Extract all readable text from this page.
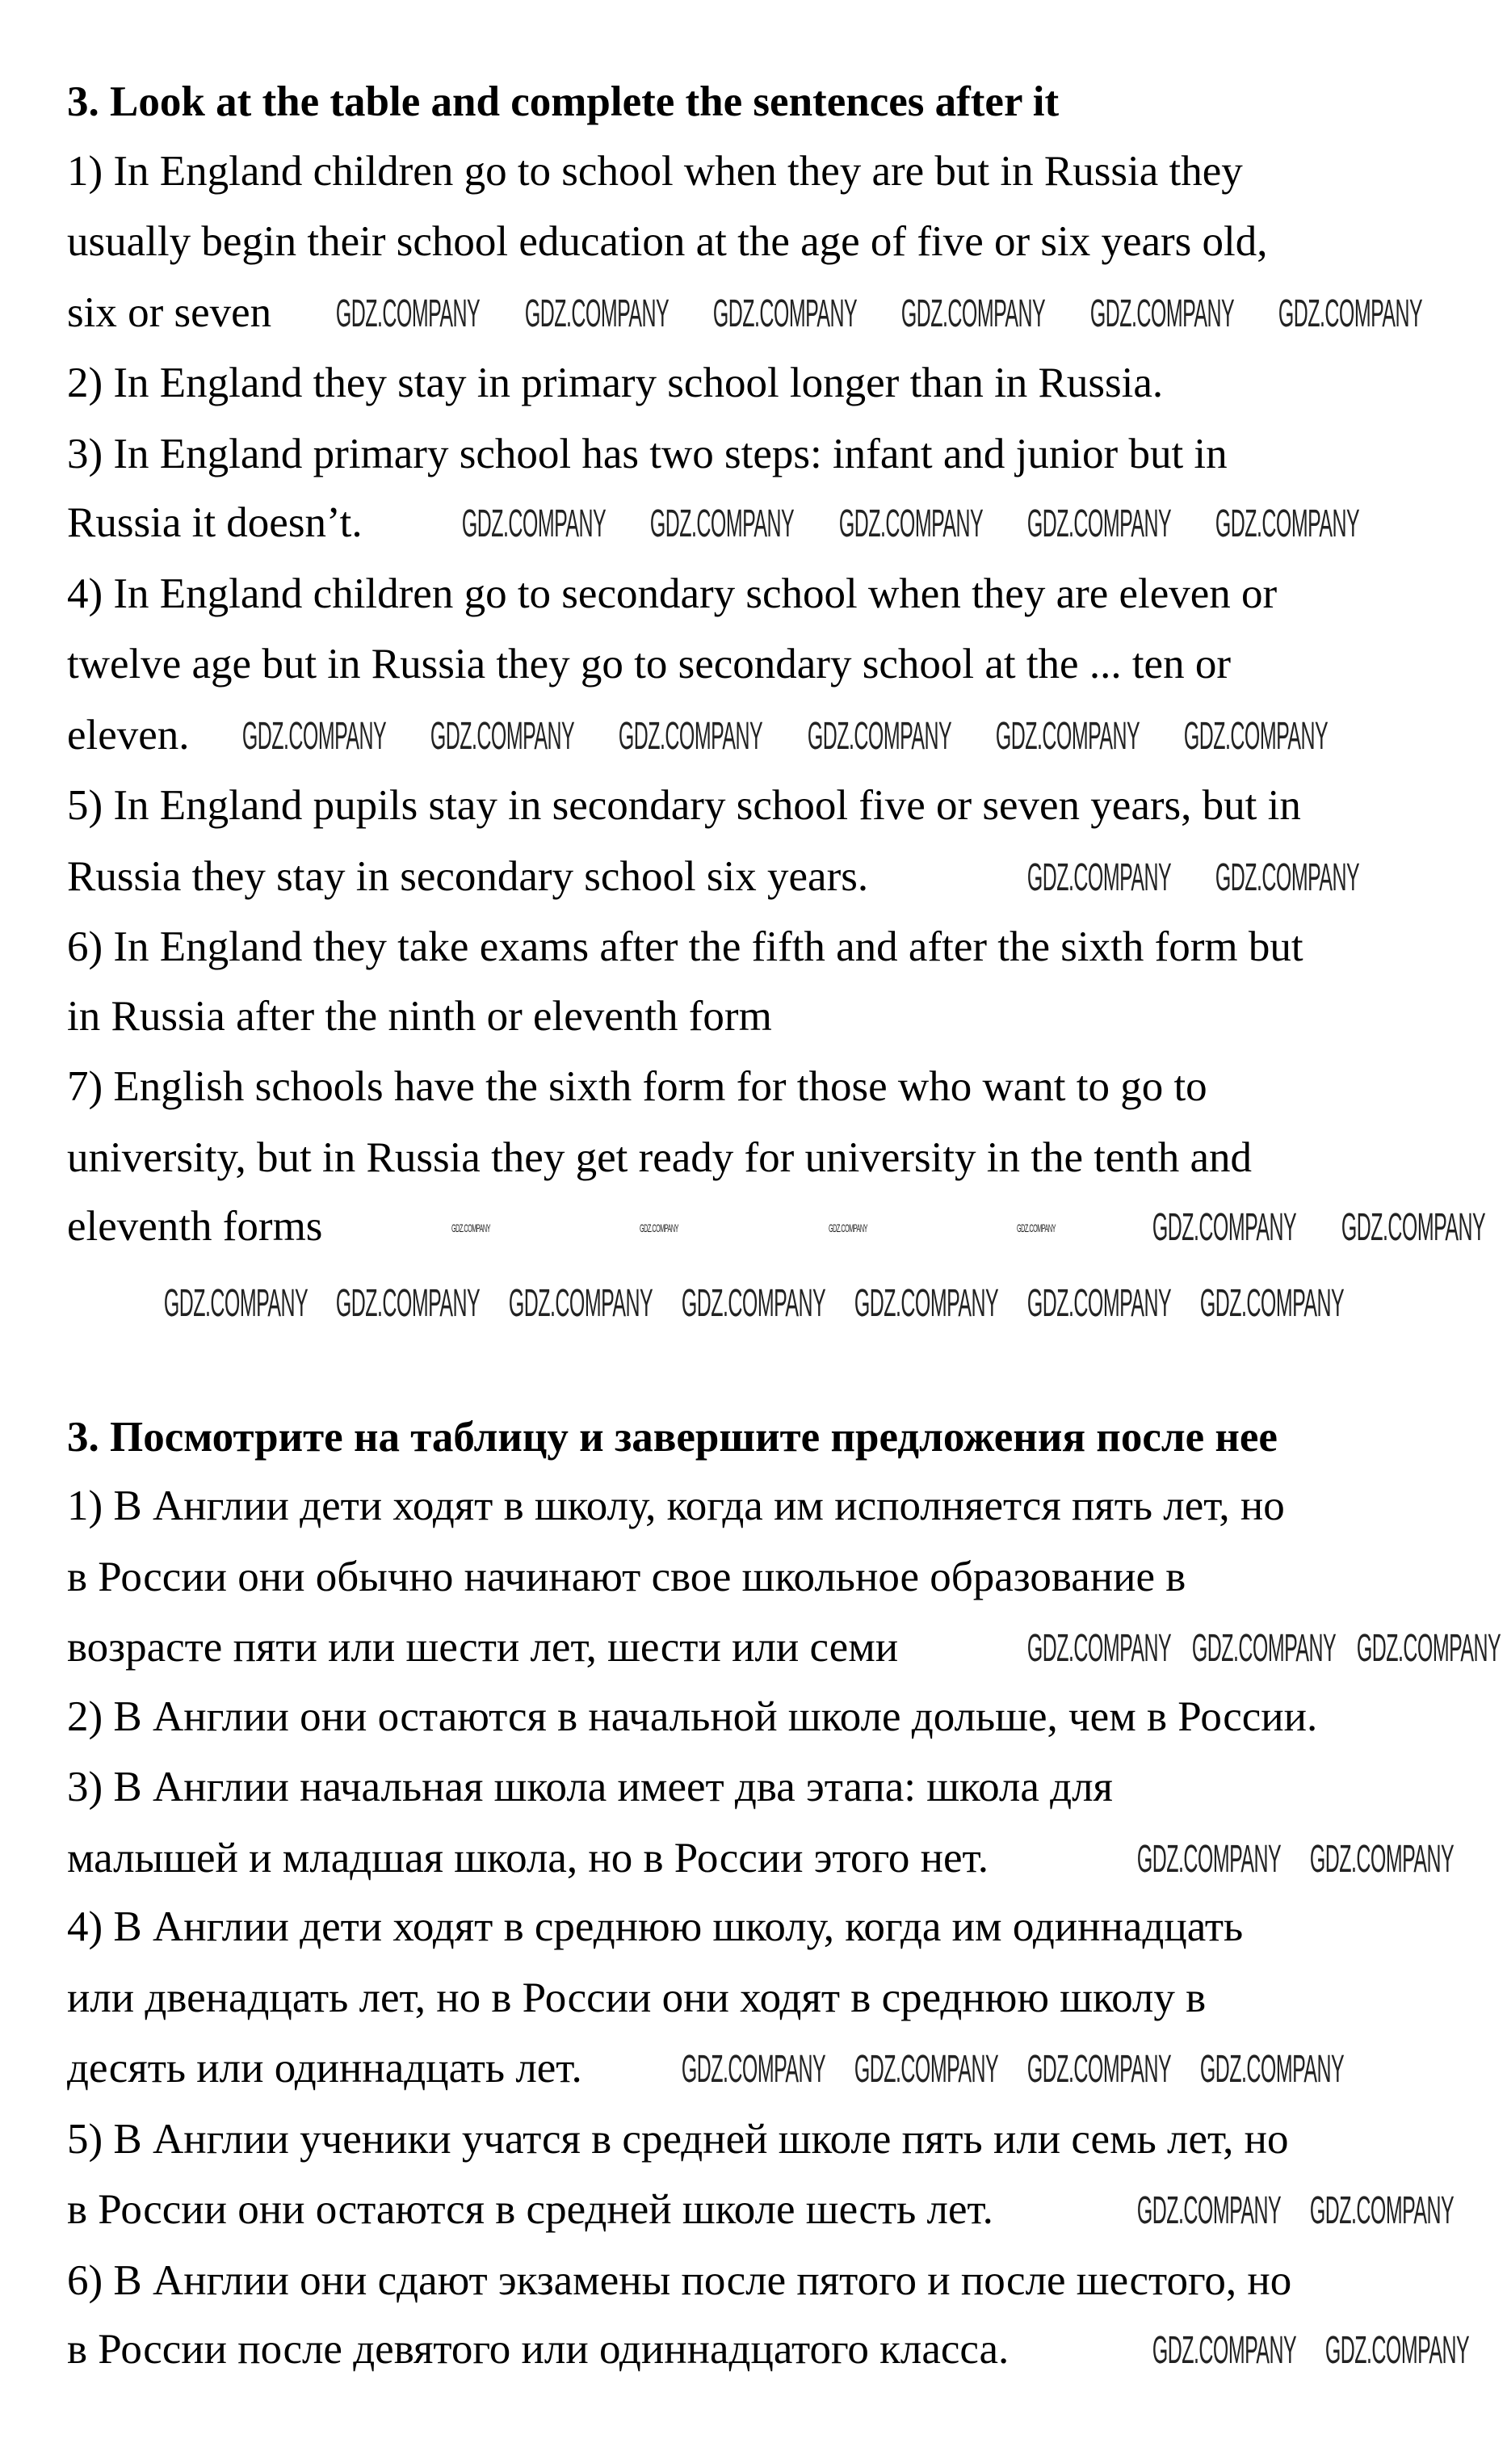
3. Look at the table and complete the sentences after it
1) In England children go to school when they are but in Russia they
usually begin their school education at the age of five or six years old,
six or seven
2) In England they stay in primary school longer than in Russia.
3) In England primary school has two steps: infant and junior but in
Russia it doesn’t.
4) In England children go to secondary school when they are eleven or
twelve age but in Russia they go to secondary school at the ... ten or
eleven.
5) In England pupils stay in secondary school five or seven years, but in
Russia they stay in secondary school six years.
6) In England they take exams after the fifth and after the sixth form but
in Russia after the ninth or eleventh form
7) English schools have the sixth form for those who want to go to
university, but in Russia they get ready for university in the tenth and
eleventh forms
3. Посмотрите на таблицу и завершите предложения после нее
1) В Англии дети ходят в школу, когда им исполняется пять лет, но
в России они обычно начинают свое школьное образование в
возрасте пяти или шести лет, шести или семи
2) В Англии они остаются в начальной школе дольше, чем в России.
3) В Англии начальная школа имеет два этапа: школа для
малышей и младшая школа, но в России этого нет.
4) В Англии дети ходят в среднюю школу, когда им одиннадцать
или двенадцать лет, но в России они ходят в среднюю школу в
десять или одиннадцать лет.
5) В Англии ученики учатся в средней школе пять или семь лет, но
в России они остаются в средней школе шесть лет.
6) В Англии они сдают экзамены после пятого и после шестого, но
в России после девятого или одиннадцатого класса.
GDZ.COMPANY GDZ.COMPANY GDZ.COMPANY GDZ.COMPANY GDZ.COMPANY GDZ.COMPANY
GDZ.COMPANY GDZ.COMPANY GDZ.COMPANY GDZ.COMPANY GDZ.COMPANY
GDZ.COMPANY GDZ.COMPANY GDZ.COMPANY GDZ.COMPANY GDZ.COMPANY GDZ.COMPANY
GDZ.COMPANY GDZ.COMPANY
GDZ.COMPANY GDZ.COMPANY
GDZ.COMPANY
GDZ.COMPANY GDZ.COMPANY GDZ.COMPANY
GDZ.COMPANY GDZ.COMPANY
GDZ.COMPANY GDZ.COMPANY GDZ.COMPANY GDZ.COMPANY
GDZ.COMPANY GDZ.COMPANY
GDZ.COMPANY GDZ.COMPANY
GDZ.COMPANY GDZ.COMPANY GDZ.COMPANY GDZ.COMPANY GDZ.COMPANY GDZ.COMPANY
GDZ.COMPANY	GDZ.COMPANY	GDZ.COMPANY	GDZ.COMPANY
